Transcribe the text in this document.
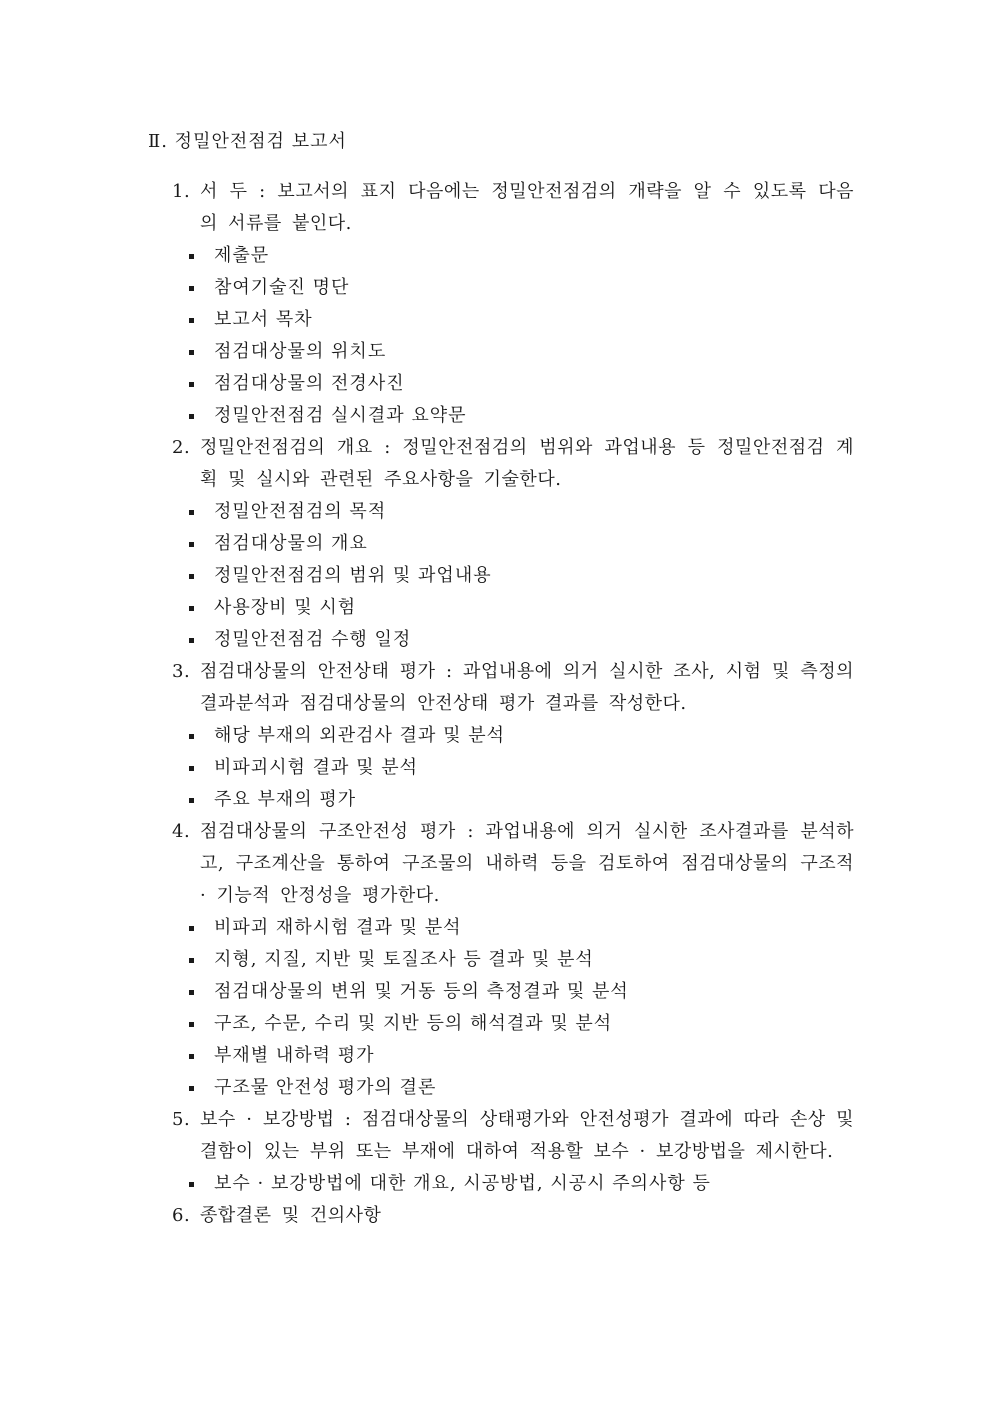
Ⅱ. 정밀안전점검 보고서
1. 서 두 : 보고서의 표지 다음에는 정밀안전점검의 개략을 알 수 있도록 다음의 서류를 붙인다.
제출문
참여기술진 명단
보고서 목차
점검대상물의 위치도
점검대상물의 전경사진
정밀안전점검 실시결과 요약문
2. 정밀안전점검의 개요 : 정밀안전점검의 범위와 과업내용 등 정밀안전점검 계획 및 실시와 관련된 주요사항을 기술한다.
정밀안전점검의 목적
점검대상물의 개요
정밀안전점검의 범위 및 과업내용
사용장비 및 시험
정밀안전점검 수행 일정
3. 점검대상물의 안전상태 평가 : 과업내용에 의거 실시한 조사, 시험 및 측정의 결과분석과 점검대상물의 안전상태 평가 결과를 작성한다.
해당 부재의 외관검사 결과 및 분석
비파괴시험 결과 및 분석
주요 부재의 평가
4. 점검대상물의 구조안전성 평가 : 과업내용에 의거 실시한 조사결과를 분석하고, 구조계산을 통하여 구조물의 내하력 등을 검토하여 점검대상물의 구조적 · 기능적 안정성을 평가한다.
비파괴 재하시험 결과 및 분석
지형, 지질, 지반 및 토질조사 등 결과 및 분석
점검대상물의 변위 및 거동 등의 측정결과 및 분석
구조, 수문, 수리 및 지반 등의 해석결과 및 분석
부재별 내하력 평가
구조물 안전성 평가의 결론
5. 보수 · 보강방법 : 점검대상물의 상태평가와 안전성평가 결과에 따라 손상 및 결함이 있는 부위 또는 부재에 대하여 적용할 보수 · 보강방법을 제시한다.
보수 · 보강방법에 대한 개요, 시공방법, 시공시 주의사항 등
6. 종합결론 및 건의사항
